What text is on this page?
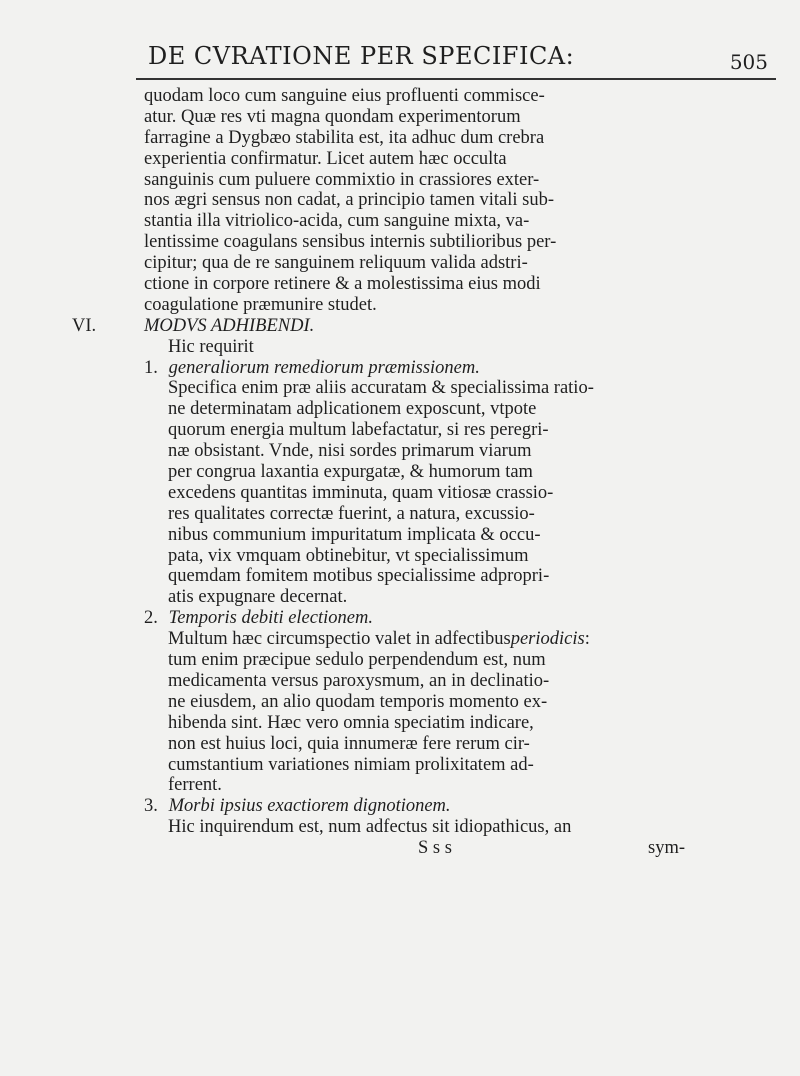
DE CVRATIONE PER SPECIFICA:	505
quodam loco cum sanguine eius profluenti commisce-
atur. Quæ res vti magna quondam experimentorum
farragine a Dygbæo stabilita est, ita adhuc dum crebra
experientia confirmatur. Licet autem hæc occulta
sanguinis cum puluere commixtio in crassiores exter-
nos ægri sensus non cadat, a principio tamen vitali sub-
stantia illa vitriolico-acida, cum sanguine mixta, va-
lentissime coagulans sensibus internis subtilioribus per-
cipitur; qua de re sanguinem reliquum valida adstri-
ctione in corpore retinere & a molestissima eius modi
coagulatione præmunire studet.
VI.	MODVS ADHIBENDI.
Hic requirit
1. generaliorum remediorum præmissionem.
Specifica enim præ aliis accuratam & specialissima ratio-
ne determinatam adplicationem exposcunt, vtpote
quorum energia multum labefactatur, si res peregri-
næ obsistant. Vnde, nisi sordes primarum viarum
per congrua laxantia expurgatæ, & humorum tam
excedens quantitas imminuta, quam vitiosæ crassio-
res qualitates correctæ fuerint, a natura, excussio-
nibus communium impuritatum implicata & occu-
pata, vix vmquam obtinebitur, vt specialissimum
quemdam fomitem motibus specialissime adpropri-
atis expugnare decernat.
2. Temporis debiti electionem.
Multum hæc circumspectio valet in adfectibusperiodicis:
tum enim præcipue sedulo perpendendum est, num
medicamenta versus paroxysmum, an in declinatio-
ne eiusdem, an alio quodam temporis momento ex-
hibenda sint. Hæc vero omnia speciatim indicare,
non est huius loci, quia innumeræ fere rerum cir-
cumstantium variationes nimiam prolixitatem ad-
ferrent.
3. Morbi ipsius exactiorem dignotionem.
Hic inquirendum est, num adfectus sit idiopathicus, an
S s s	sym-
